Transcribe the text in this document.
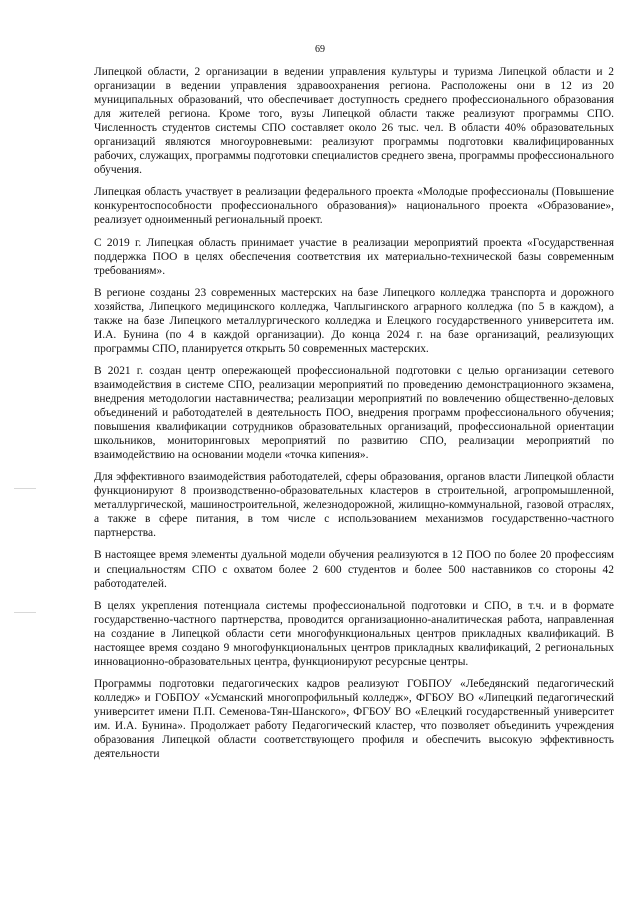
69

Липецкой области, 2 организации в ведении управления культуры и туризма Липецкой области и 2 организации в ведении управления здравоохранения региона. Расположены они в 12 из 20 муниципальных образований, что обеспечивает доступность среднего профессионального образования для жителей региона. Кроме того, вузы Липецкой области также реализуют программы СПО. Численность студентов системы СПО составляет около 26 тыс. чел. В области 40% образовательных организаций являются многоуровневыми: реализуют программы подготовки квалифицированных рабочих, служащих, программы подготовки специалистов среднего звена, программы профессионального обучения.

Липецкая область участвует в реализации федерального проекта «Молодые профессионалы (Повышение конкурентоспособности профессионального образования)» национального проекта «Образование», реализует одноименный региональный проект.

С 2019 г. Липецкая область принимает участие в реализации мероприятий проекта «Государственная поддержка ПОО в целях обеспечения соответствия их материально-технической базы современным требованиям».

В регионе созданы 23 современных мастерских на базе Липецкого колледжа транспорта и дорожного хозяйства, Липецкого медицинского колледжа, Чаплыгинского аграрного колледжа (по 5 в каждом), а также на базе Липецкого металлургического колледжа и Елецкого государственного университета им. И.А. Бунина (по 4 в каждой организации). До конца 2024 г. на базе организаций, реализующих программы СПО, планируется открыть 50 современных мастерских.

В 2021 г. создан центр опережающей профессиональной подготовки с целью организации сетевого взаимодействия в системе СПО, реализации мероприятий по проведению демонстрационного экзамена, внедрения методологии наставничества; реализации мероприятий по вовлечению общественно-деловых объединений и работодателей в деятельность ПОО, внедрения программ профессионального обучения; повышения квалификации сотрудников образовательных организаций, профессиональной ориентации школьников, мониторинговых мероприятий по развитию СПО, реализации мероприятий по взаимодействию на основании модели «точка кипения».

Для эффективного взаимодействия работодателей, сферы образования, органов власти Липецкой области функционируют 8 производственно-образовательных кластеров в строительной, агропромышленной, металлургической, машиностроительной, железнодорожной, жилищно-коммунальной, газовой отраслях, а также в сфере питания, в том числе с использованием механизмов государственно-частного партнерства.

В настоящее время элементы дуальной модели обучения реализуются в 12 ПОО по более 20 профессиям и специальностям СПО с охватом более 2 600 студентов и более 500 наставников со стороны 42 работодателей.

В целях укрепления потенциала системы профессиональной подготовки и СПО, в т.ч. и в формате государственно-частного партнерства, проводится организационно-аналитическая работа, направленная на создание в Липецкой области сети многофункциональных центров прикладных квалификаций. В настоящее время создано 9 многофункциональных центров прикладных квалификаций, 2 региональных инновационно-образовательных центра, функционируют ресурсные центры.

Программы подготовки педагогических кадров реализуют ГОБПОУ «Лебедянский педагогический колледж» и ГОБПОУ «Усманский многопрофильный колледж», ФГБОУ ВО «Липецкий педагогический университет имени П.П. Семенова-Тян-Шанского», ФГБОУ ВО «Елецкий государственный университет им. И.А. Бунина». Продолжает работу Педагогический кластер, что позволяет объединить учреждения образования Липецкой области соответствующего профиля и обеспечить высокую эффективность деятельности
